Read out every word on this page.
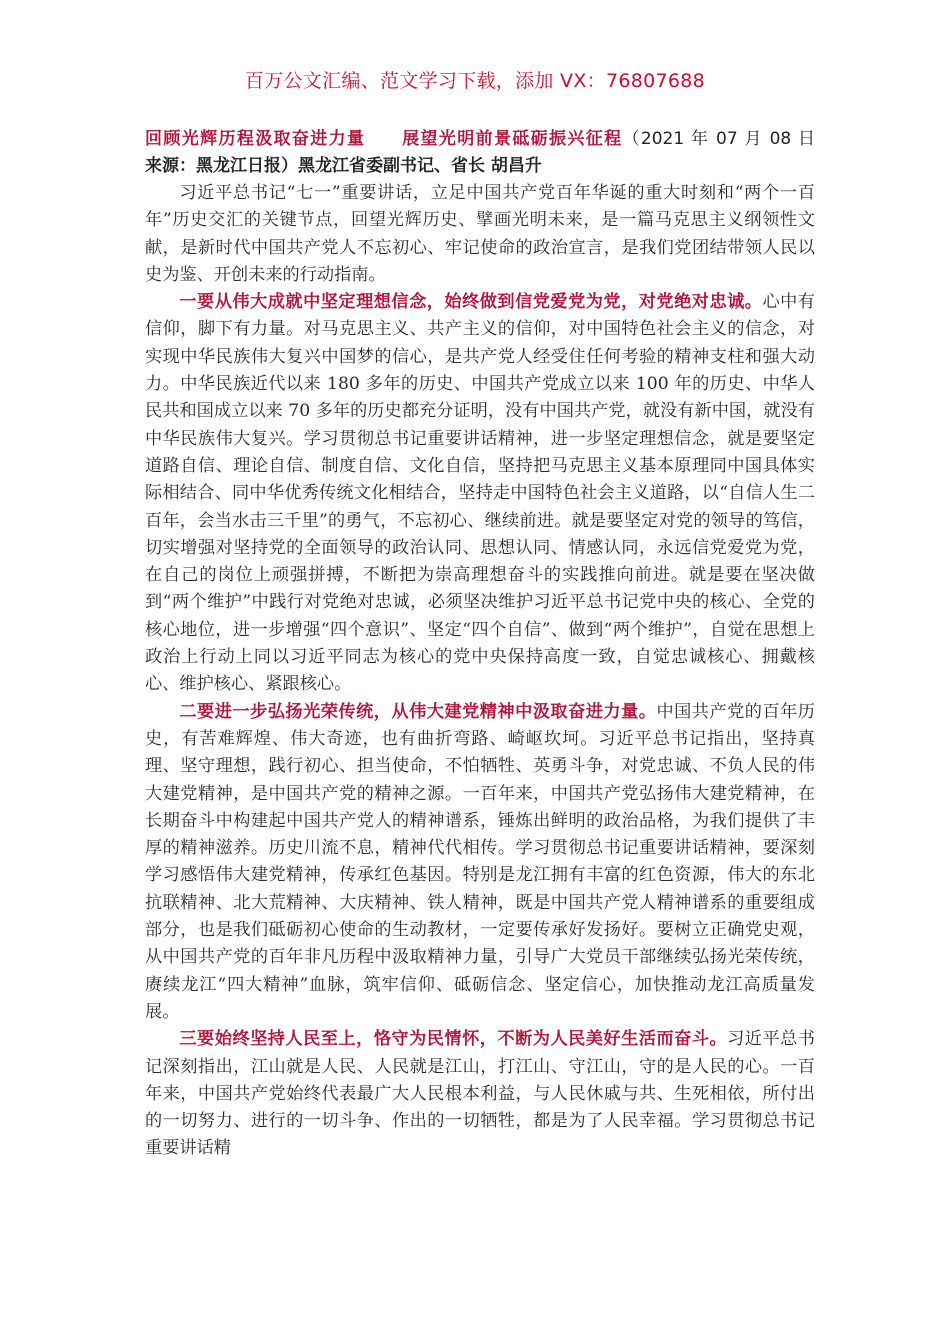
百万公文汇编、范文学习下载，添加 VX：76807688

回顾光辉历程汲取奋进力量　　展望光明前景砥砺振兴征程（2021 年 07 月 08 日　　来源：黑龙江日报）黑龙江省委副书记、省长 胡昌升

习近平总书记“七一”重要讲话，立足中国共产党百年华诞的重大时刻和“两个一百年”历史交汇的关键节点，回望光辉历史、擘画光明未来，是一篇马克思主义纲领性文献，是新时代中国共产党人不忘初心、牢记使命的政治宣言，是我们党团结带领人民以史为鉴、开创未来的行动指南。

一要从伟大成就中坚定理想信念，始终做到信党爱党为党，对党绝对忠诚。心中有信仰，脚下有力量。对马克思主义、共产主义的信仰，对中国特色社会主义的信念，对实现中华民族伟大复兴中国梦的信心，是共产党人经受住任何考验的精神支柱和强大动力。中华民族近代以来 180 多年的历史、中国共产党成立以来 100 年的历史、中华人民共和国成立以来 70 多年的历史都充分证明，没有中国共产党，就没有新中国，就没有中华民族伟大复兴。学习贯彻总书记重要讲话精神，进一步坚定理想信念，就是要坚定道路自信、理论自信、制度自信、文化自信，坚持把马克思主义基本原理同中国具体实际相结合、同中华优秀传统文化相结合，坚持走中国特色社会主义道路，以“自信人生二百年，会当水击三千里”的勇气，不忘初心、继续前进。就是要坚定对党的领导的笃信，切实增强对坚持党的全面领导的政治认同、思想认同、情感认同，永远信党爱党为党，在自己的岗位上顽强拼搏，不断把为崇高理想奋斗的实践推向前进。就是要在坚决做到“两个维护”中践行对党绝对忠诚，必须坚决维护习近平总书记党中央的核心、全党的核心地位，进一步增强“四个意识”、坚定“四个自信”、做到“两个维护”，自觉在思想上政治上行动上同以习近平同志为核心的党中央保持高度一致，自觉忠诚核心、拥戴核心、维护核心、紧跟核心。

二要进一步弘扬光荣传统，从伟大建党精神中汲取奋进力量。中国共产党的百年历史，有苦难辉煌、伟大奇迹，也有曲折弯路、崎岖坎坷。习近平总书记指出，坚持真理、坚守理想，践行初心、担当使命，不怕牺牲、英勇斗争，对党忠诚、不负人民的伟大建党精神，是中国共产党的精神之源。一百年来，中国共产党弘扬伟大建党精神，在长期奋斗中构建起中国共产党人的精神谱系，锤炼出鲜明的政治品格，为我们提供了丰厚的精神滋养。历史川流不息，精神代代相传。学习贯彻总书记重要讲话精神，要深刻学习感悟伟大建党精神，传承红色基因。特别是龙江拥有丰富的红色资源，伟大的东北抗联精神、北大荒精神、大庆精神、铁人精神，既是中国共产党人精神谱系的重要组成部分，也是我们砥砺初心使命的生动教材，一定要传承好发扬好。要树立正确党史观，从中国共产党的百年非凡历程中汲取精神力量，引导广大党员干部继续弘扬光荣传统，赓续龙江“四大精神”血脉，筑牢信仰、砥砺信念、坚定信心，加快推动龙江高质量发展。

三要始终坚持人民至上，恪守为民情怀，不断为人民美好生活而奋斗。习近平总书记深刻指出，江山就是人民、人民就是江山，打江山、守江山，守的是人民的心。一百年来，中国共产党始终代表最广大人民根本利益，与人民休戚与共、生死相依，所付出的一切努力、进行的一切斗争、作出的一切牺牲，都是为了人民幸福。学习贯彻总书记重要讲话精
